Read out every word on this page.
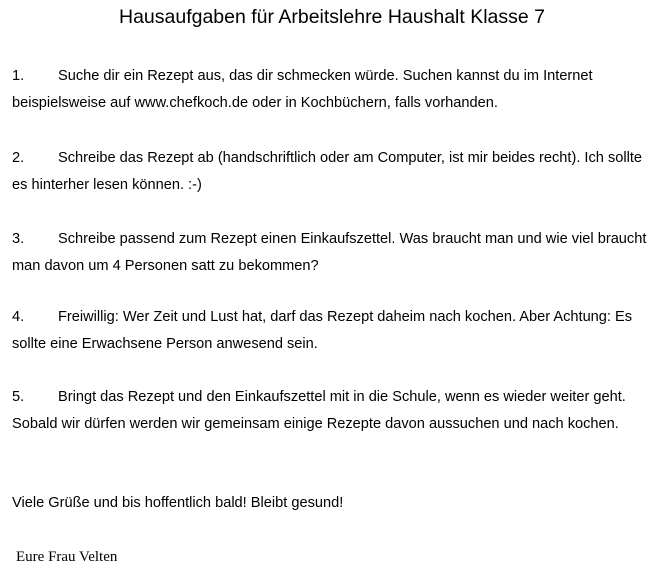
Hausaufgaben für Arbeitslehre Haushalt Klasse 7
1. Suche dir ein Rezept aus, das dir schmecken würde. Suchen kannst du im Internet beispielsweise auf www.chefkoch.de oder in Kochbüchern, falls vorhanden.
2. Schreibe das Rezept ab (handschriftlich oder am Computer, ist mir beides recht). Ich sollte es hinterher lesen können. :-)
3. Schreibe passend zum Rezept einen Einkaufszettel. Was braucht man und wie viel braucht man davon um 4 Personen satt zu bekommen?
4. Freiwillig: Wer Zeit und Lust hat, darf das Rezept daheim nach kochen. Aber Achtung: Es sollte eine Erwachsene Person anwesend sein.
5. Bringt das Rezept und den Einkaufszettel mit in die Schule, wenn es wieder weiter geht. Sobald wir dürfen werden wir gemeinsam einige Rezepte davon aussuchen und nach kochen.
Viele Grüße und bis hoffentlich bald! Bleibt gesund!
Eure Frau Velten
